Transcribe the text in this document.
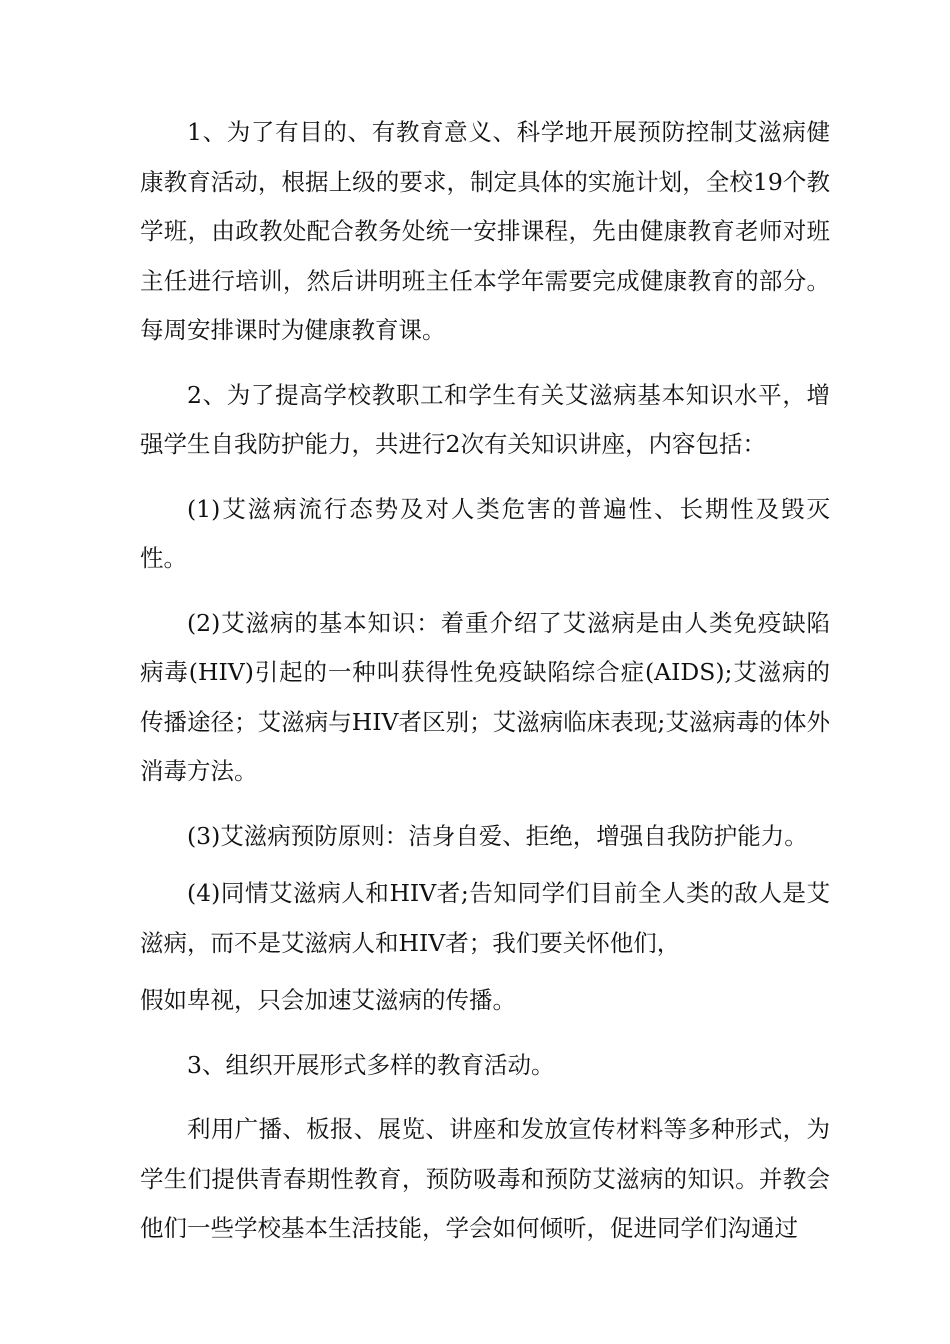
1、为了有目的、有教育意义、科学地开展预防控制艾滋病健康教育活动，根据上级的要求，制定具体的实施计划，全校19个教学班，由政教处配合教务处统一安排课程，先由健康教育老师对班主任进行培训，然后讲明班主任本学年需要完成健康教育的部分。每周安排课时为健康教育课。

2、为了提高学校教职工和学生有关艾滋病基本知识水平，增强学生自我防护能力，共进行2次有关知识讲座，内容包括：

(1)艾滋病流行态势及对人类危害的普遍性、长期性及毁灭性。

(2)艾滋病的基本知识：着重介绍了艾滋病是由人类免疫缺陷病毒(HIV)引起的一种叫获得性免疫缺陷综合症(AIDS);艾滋病的传播途径；艾滋病与HIV者区别；艾滋病临床表现;艾滋病毒的体外消毒方法。

(3)艾滋病预防原则：洁身自爱、拒绝，增强自我防护能力。

(4)同情艾滋病人和HIV者;告知同学们目前全人类的敌人是艾滋病，而不是艾滋病人和HIV者；我们要关怀他们，

假如卑视，只会加速艾滋病的传播。

3、组织开展形式多样的教育活动。

利用广播、板报、展览、讲座和发放宣传材料等多种形式，为学生们提供青春期性教育，预防吸毒和预防艾滋病的知识。并教会他们一些学校基本生活技能，学会如何倾听，促进同学们沟通过
